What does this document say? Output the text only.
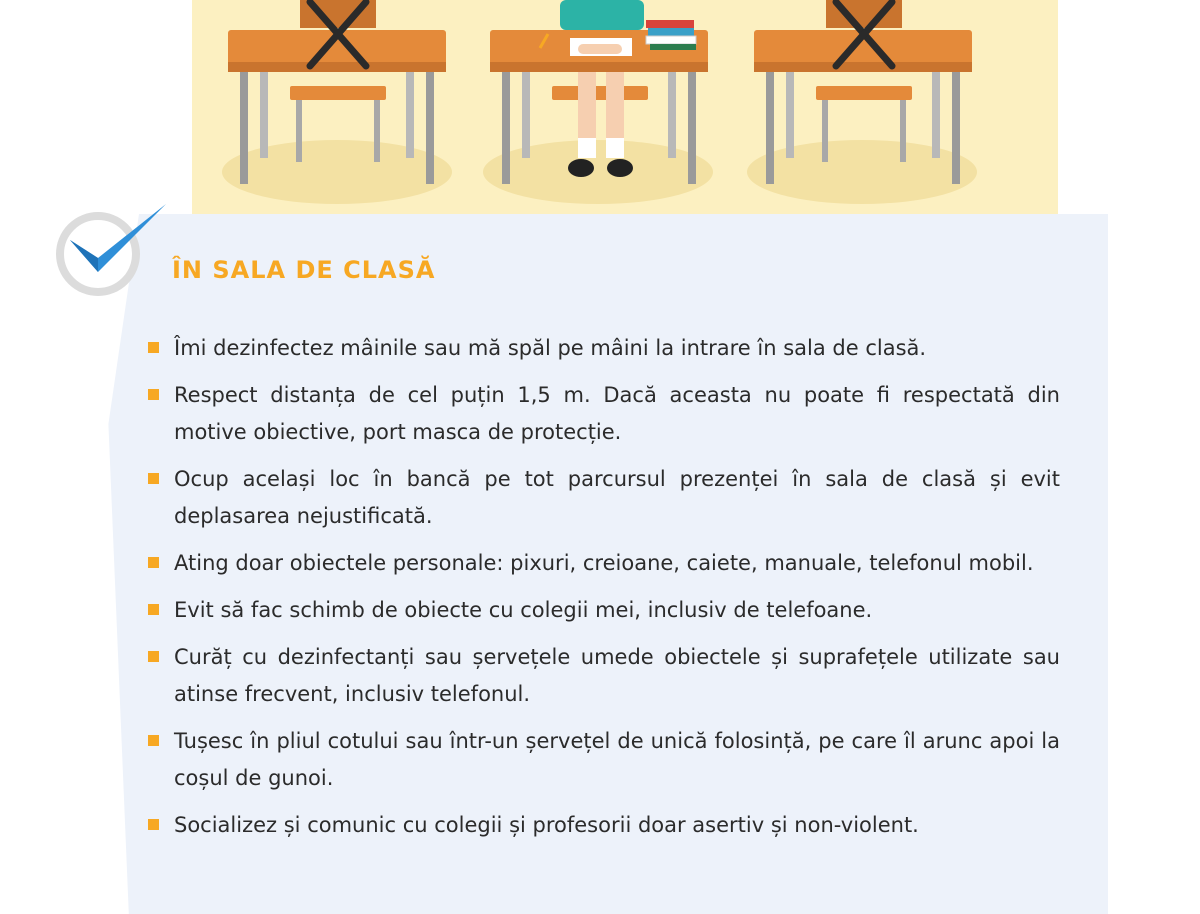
ÎN SALA DE CLASĂ
Îmi dezinfectez mâinile sau mă spăl pe mâini la intrare în sala de clasă.
Respect distanța de cel puțin 1,5 m. Dacă aceasta nu poate fi respectată din motive obiective, port masca de protecție.
Ocup același loc în bancă pe tot parcursul prezenței în sala de clasă și evit deplasarea nejustificată.
Ating doar obiectele personale: pixuri, creioane, caiete, manuale, telefonul mobil.
Evit să fac schimb de obiecte cu colegii mei, inclusiv de telefoane.
Curăț cu dezinfectanți sau șervețele umede obiectele și suprafețele utilizate sau atinse frecvent, inclusiv telefonul.
Tușesc în pliul cotului sau într-un șervețel de unică folosință, pe care îl arunc apoi la coșul de gunoi.
Socializez și comunic cu colegii și profesorii doar asertiv și non-violent.
